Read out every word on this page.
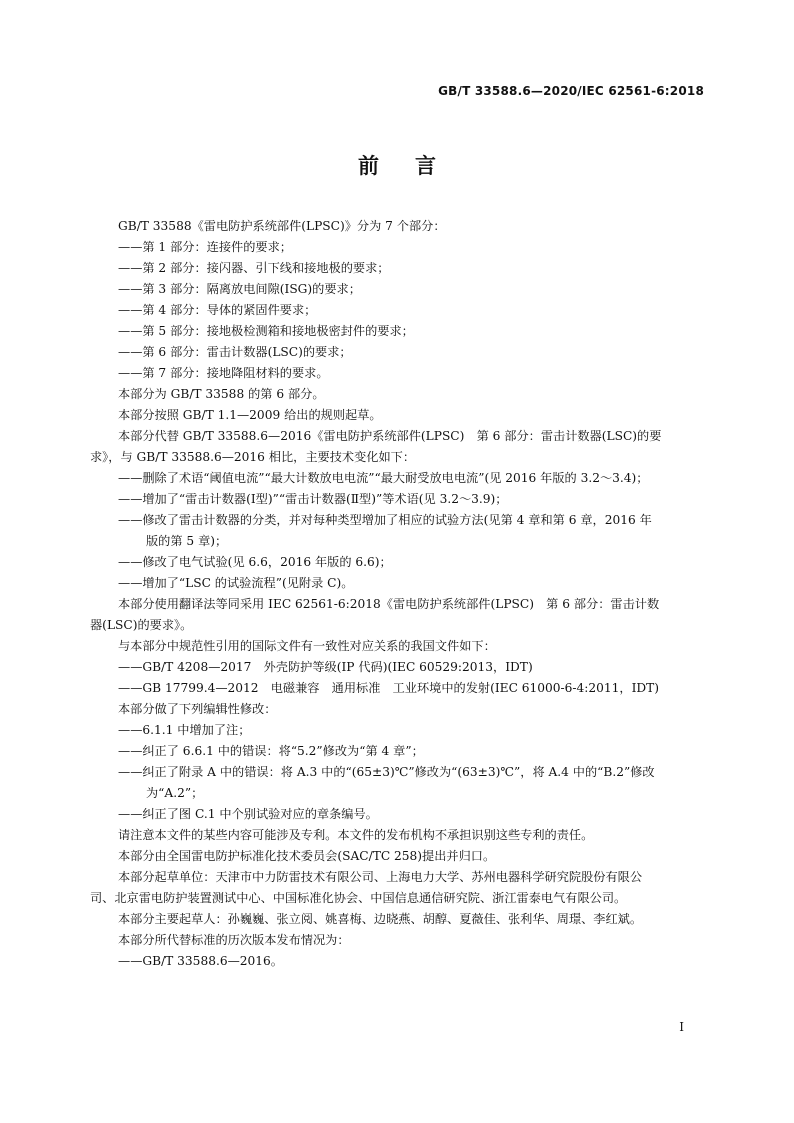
GB/T 33588.6—2020/IEC 62561-6:2018
前言
GB/T 33588《雷电防护系统部件(LPSC)》分为 7 个部分：
——第 1 部分：连接件的要求；
——第 2 部分：接闪器、引下线和接地极的要求；
——第 3 部分：隔离放电间隙(ISG)的要求；
——第 4 部分：导体的紧固件要求；
——第 5 部分：接地极检测箱和接地极密封件的要求；
——第 6 部分：雷击计数器(LSC)的要求；
——第 7 部分：接地降阻材料的要求。
本部分为 GB/T 33588 的第 6 部分。
本部分按照 GB/T 1.1—2009 给出的规则起草。
本部分代替 GB/T 33588.6—2016《雷电防护系统部件(LPSC)　第 6 部分：雷击计数器(LSC)的要
求》，与 GB/T 33588.6—2016 相比，主要技术变化如下：
——删除了术语“阈值电流”“最大计数放电电流”“最大耐受放电电流”(见 2016 年版的 3.2～3.4)；
——增加了“雷击计数器(Ⅰ型)”“雷击计数器(Ⅱ型)”等术语(见 3.2～3.9)；
——修改了雷击计数器的分类，并对每种类型增加了相应的试验方法(见第 4 章和第 6 章，2016 年
版的第 5 章)；
——修改了电气试验(见 6.6，2016 年版的 6.6)；
——增加了“LSC 的试验流程”(见附录 C)。
本部分使用翻译法等同采用 IEC 62561-6:2018《雷电防护系统部件(LPSC)　第 6 部分：雷击计数
器(LSC)的要求》。
与本部分中规范性引用的国际文件有一致性对应关系的我国文件如下：
——GB/T 4208—2017　外壳防护等级(IP 代码)(IEC 60529:2013，IDT)
——GB 17799.4—2012　电磁兼容　通用标准　工业环境中的发射(IEC 61000-6-4:2011，IDT)
本部分做了下列编辑性修改：
——6.1.1 中增加了注；
——纠正了 6.6.1 中的错误：将“5.2”修改为“第 4 章”；
——纠正了附录 A 中的错误：将 A.3 中的“(65±3)℃”修改为“(63±3)℃”，将 A.4 中的“B.2”修改
为“A.2”；
——纠正了图 C.1 中个别试验对应的章条编号。
请注意本文件的某些内容可能涉及专利。本文件的发布机构不承担识别这些专利的责任。
本部分由全国雷电防护标准化技术委员会(SAC/TC 258)提出并归口。
本部分起草单位：天津市中力防雷技术有限公司、上海电力大学、苏州电器科学研究院股份有限公
司、北京雷电防护装置测试中心、中国标准化协会、中国信息通信研究院、浙江雷泰电气有限公司。
本部分主要起草人：孙巍巍、张立阅、姚喜梅、边晓燕、胡醇、夏薇佳、张利华、周璟、李红斌。
本部分所代替标准的历次版本发布情况为：
——GB/T 33588.6—2016。
Ⅰ
